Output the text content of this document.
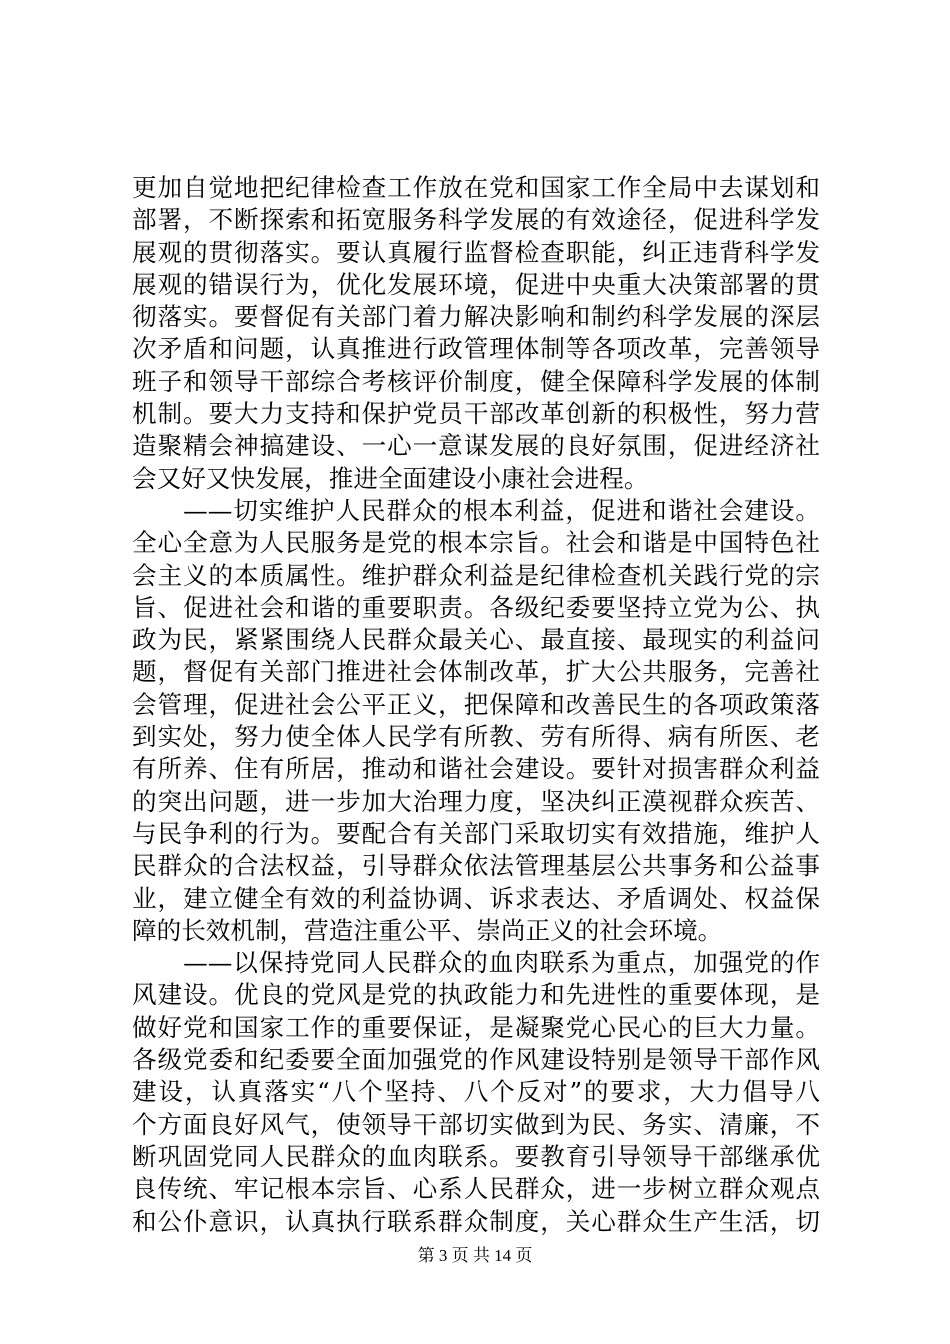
更加自觉地把纪律检查工作放在党和国家工作全局中去谋划和
部署，不断探索和拓宽服务科学发展的有效途径，促进科学发
展观的贯彻落实。要认真履行监督检查职能，纠正违背科学发
展观的错误行为，优化发展环境，促进中央重大决策部署的贯
彻落实。要督促有关部门着力解决影响和制约科学发展的深层
次矛盾和问题，认真推进行政管理体制等各项改革，完善领导
班子和领导干部综合考核评价制度，健全保障科学发展的体制
机制。要大力支持和保护党员干部改革创新的积极性，努力营
造聚精会神搞建设、一心一意谋发展的良好氛围，促进经济社
会又好又快发展，推进全面建设小康社会进程。
　　——切实维护人民群众的根本利益，促进和谐社会建设。
全心全意为人民服务是党的根本宗旨。社会和谐是中国特色社
会主义的本质属性。维护群众利益是纪律检查机关践行党的宗
旨、促进社会和谐的重要职责。各级纪委要坚持立党为公、执
政为民，紧紧围绕人民群众最关心、最直接、最现实的利益问
题，督促有关部门推进社会体制改革，扩大公共服务，完善社
会管理，促进社会公平正义，把保障和改善民生的各项政策落
到实处，努力使全体人民学有所教、劳有所得、病有所医、老
有所养、住有所居，推动和谐社会建设。要针对损害群众利益
的突出问题，进一步加大治理力度，坚决纠正漠视群众疾苦、
与民争利的行为。要配合有关部门采取切实有效措施，维护人
民群众的合法权益，引导群众依法管理基层公共事务和公益事
业，建立健全有效的利益协调、诉求表达、矛盾调处、权益保
障的长效机制，营造注重公平、崇尚正义的社会环境。
　　——以保持党同人民群众的血肉联系为重点，加强党的作
风建设。优良的党风是党的执政能力和先进性的重要体现，是
做好党和国家工作的重要保证，是凝聚党心民心的巨大力量。
各级党委和纪委要全面加强党的作风建设特别是领导干部作风
建设，认真落实“八个坚持、八个反对”的要求，大力倡导八
个方面良好风气，使领导干部切实做到为民、务实、清廉，不
断巩固党同人民群众的血肉联系。要教育引导领导干部继承优
良传统、牢记根本宗旨、心系人民群众，进一步树立群众观点
和公仆意识，认真执行联系群众制度，关心群众生产生活，切
第 3 页 共 14 页
